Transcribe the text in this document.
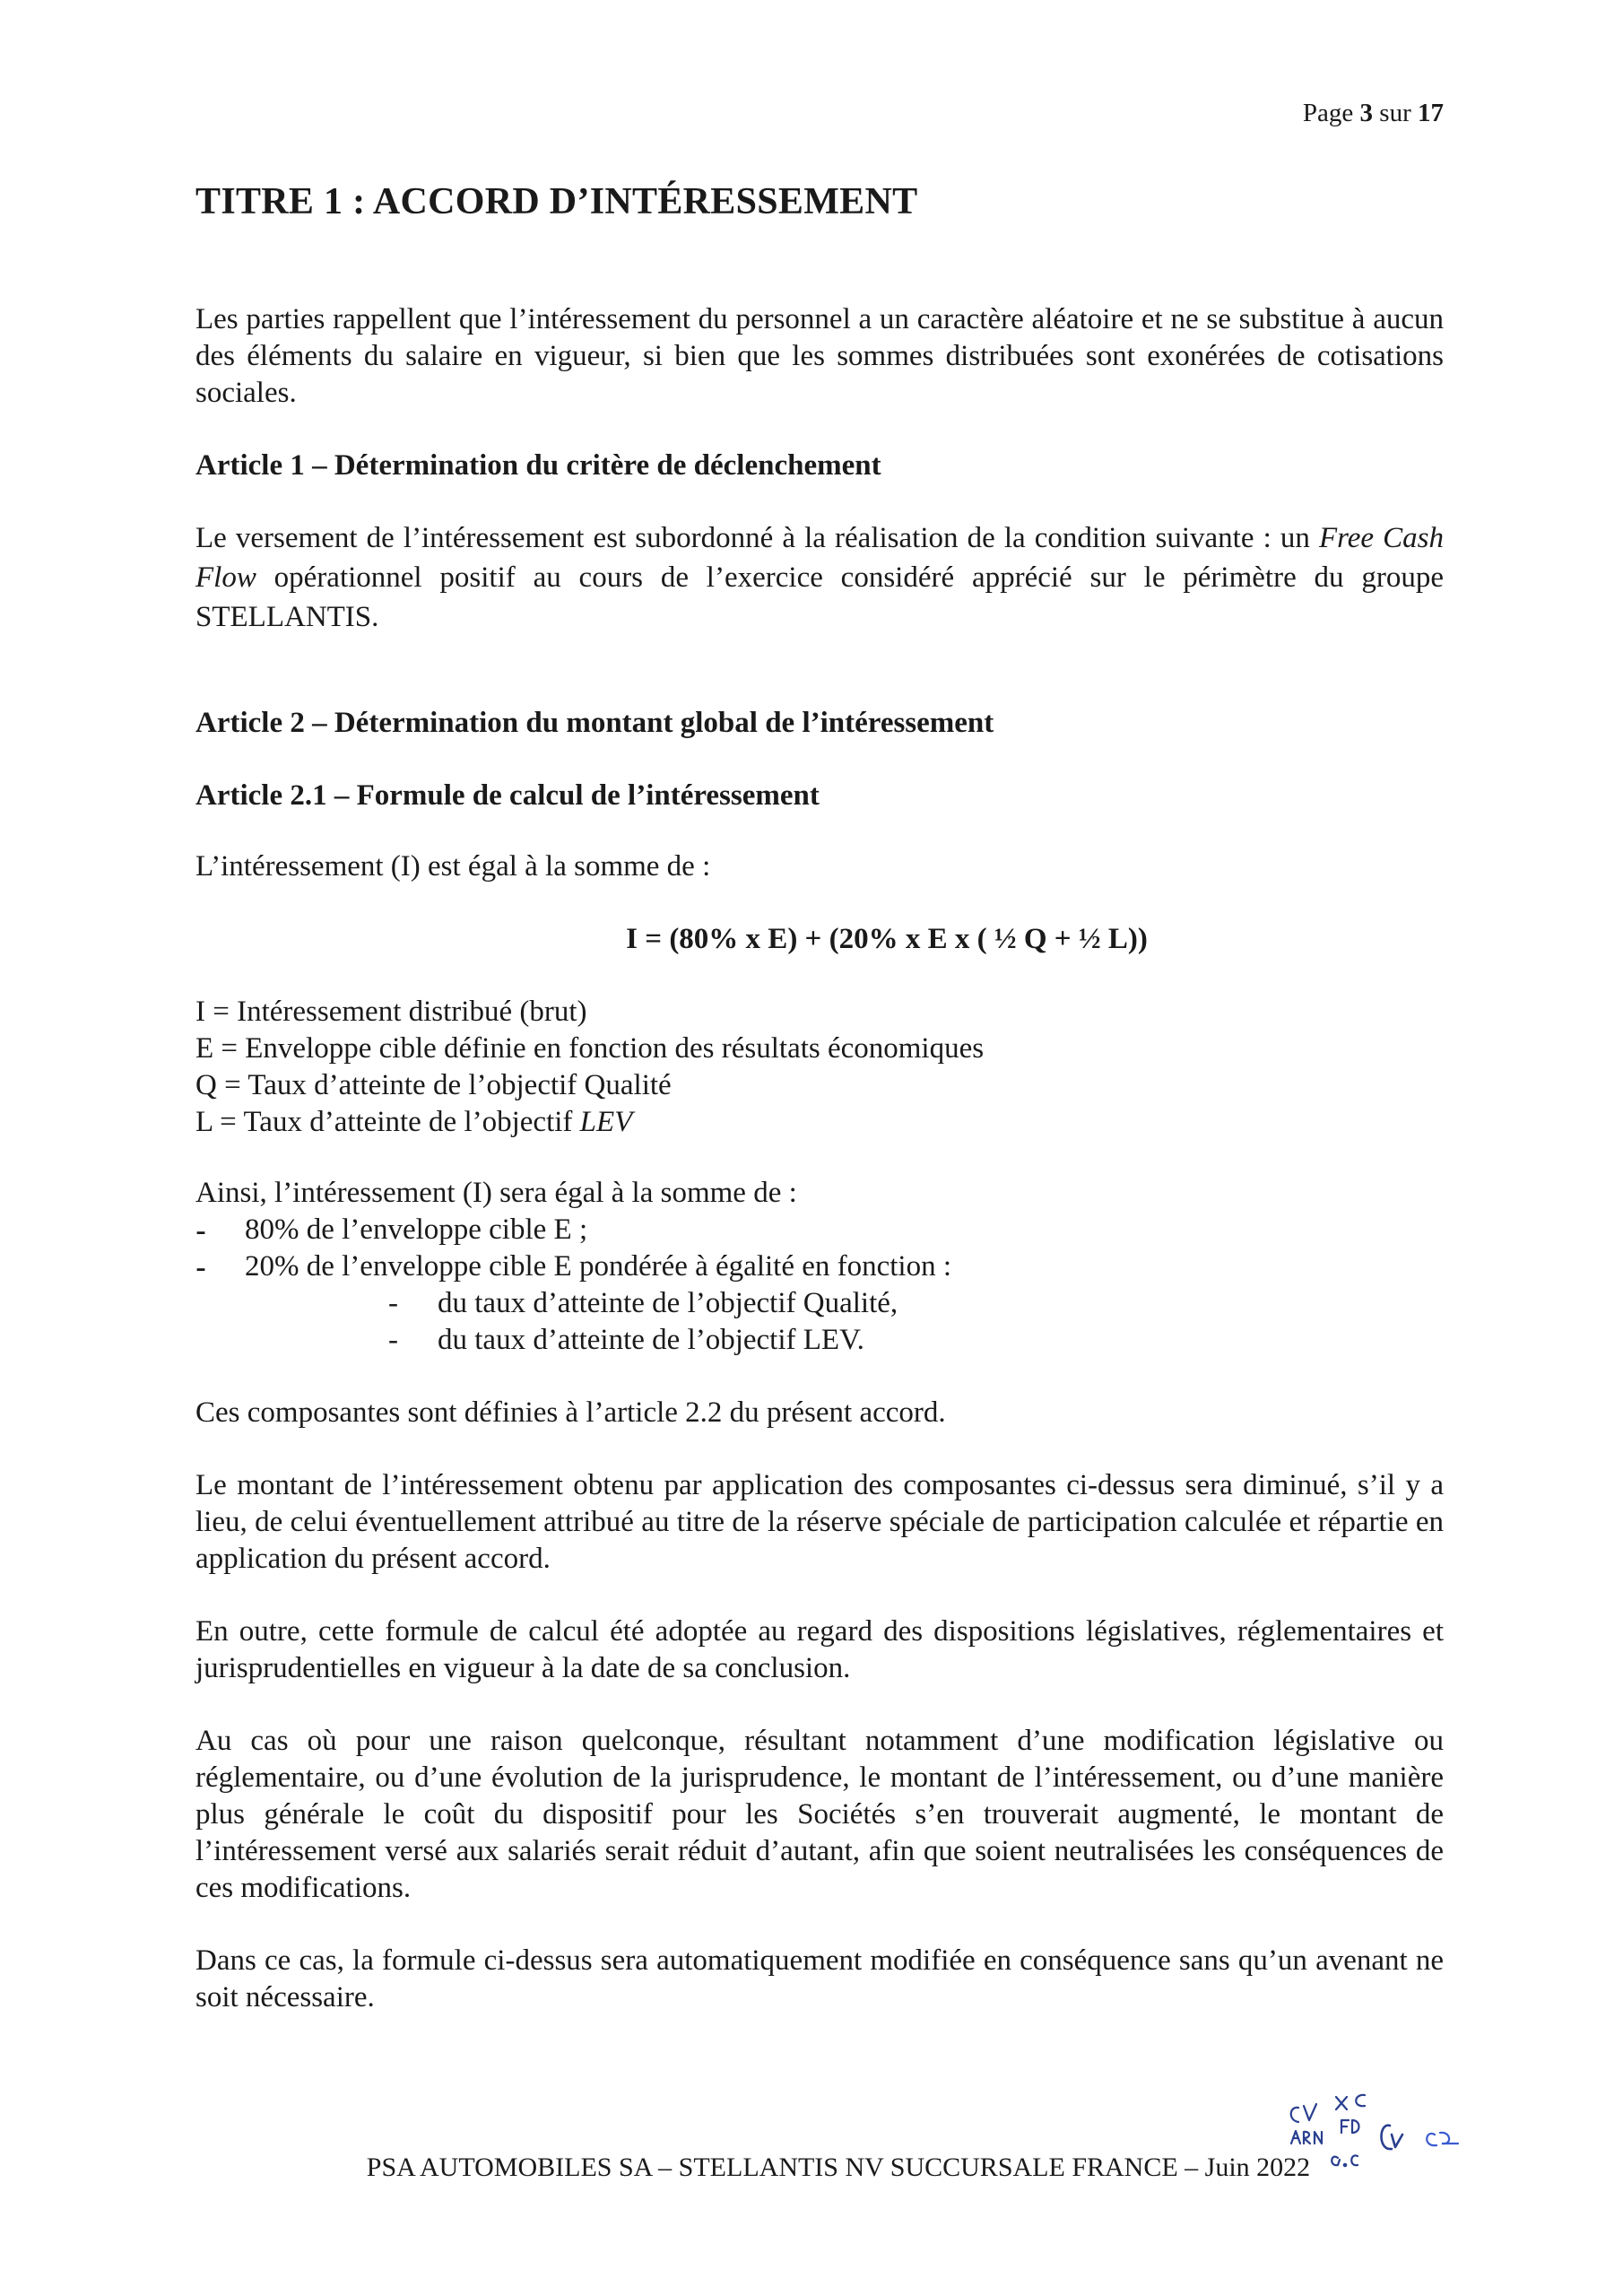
Page 3 sur 17
TITRE 1 : ACCORD D’INTÉRESSEMENT

Les parties rappellent que l’intéressement du personnel a un caractère aléatoire et ne se substitue à aucun des éléments du salaire en vigueur, si bien que les sommes distribuées sont exonérées de cotisations sociales.

Article 1 – Détermination du critère de déclenchement

Le versement de l’intéressement est subordonné à la réalisation de la condition suivante : un Free Cash Flow opérationnel positif au cours de l’exercice considéré apprécié sur le périmètre du groupe STELLANTIS.

Article 2 – Détermination du montant global de l’intéressement

Article 2.1 – Formule de calcul de l’intéressement

L’intéressement (I) est égal à la somme de :

I = (80% x E) + (20% x E x ( ½ Q + ½ L))

I = Intéressement distribué (brut)
E = Enveloppe cible définie en fonction des résultats économiques
Q = Taux d’atteinte de l’objectif Qualité
L = Taux d’atteinte de l’objectif LEV

Ainsi, l’intéressement (I) sera égal à la somme de :

- 80% de l’enveloppe cible E ;
- 20% de l’enveloppe cible E pondérée à égalité en fonction :
- du taux d’atteinte de l’objectif Qualité,
- du taux d’atteinte de l’objectif LEV.

Ces composantes sont définies à l’article 2.2 du présent accord.

Le montant de l’intéressement obtenu par application des composantes ci-dessus sera diminué, s’il y a lieu, de celui éventuellement attribué au titre de la réserve spéciale de participation calculée et répartie en application du présent accord.

En outre, cette formule de calcul été adoptée au regard des dispositions législatives, réglementaires et jurisprudentielles en vigueur à la date de sa conclusion.

Au cas où pour une raison quelconque, résultant notamment d’une modification législative ou réglementaire, ou d’une évolution de la jurisprudence, le montant de l’intéressement, ou d’une manière plus générale le coût du dispositif pour les Sociétés s’en trouverait augmenté, le montant de l’intéressement versé aux salariés serait réduit d’autant, afin que soient neutralisées les conséquences de ces modifications.

Dans ce cas, la formule ci-dessus sera automatiquement modifiée en conséquence sans qu’un avenant ne soit nécessaire.

PSA AUTOMOBILES SA – STELLANTIS NV SUCCURSALE FRANCE – Juin 2022
